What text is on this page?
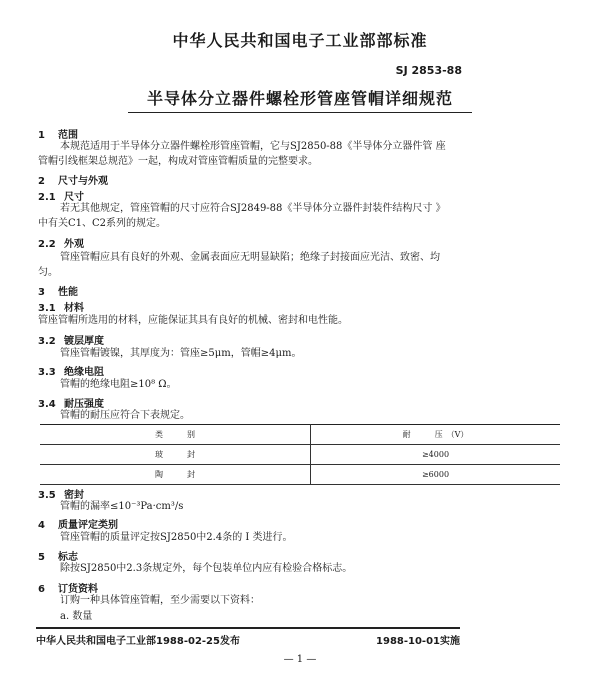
中华人民共和国电子工业部部标准
SJ 2853-88
半导体分立器件螺栓形管座管帽详细规范
1 范围
本规范适用于半导体分立器件螺栓形管座管帽，它与SJ2850-88《半导体分立器件管 座
管帽引线框架总规范》一起，构成对管座管帽质量的完整要求。
2 尺寸与外观
2.1 尺寸
若无其他规定，管座管帽的尺寸应符合SJ2849-88《半导体分立器件封装件结构尺寸 》
中有关C1、C2系列的规定。
2.2 外观
管座管帽应具有良好的外观、金属表面应无明显缺陷；绝缘子封接面应光洁、致密、均
匀。
3 性能
3.1 材料
管座管帽所选用的材料，应能保证其具有良好的机械、密封和电性能。
3.2 镀层厚度
管座管帽镀镍，其厚度为：管座≥5μm，管帽≥4μm。
3.3 绝缘电阻
管帽的绝缘电阻≥10⁸ Ω。
3.4 耐压强度
管帽的耐压应符合下表规定。
类　　　别	耐　　　压　（V）
玻　　　封	≥4000
陶　　　封	≥6000
3.5 密封
管帽的漏率≤10⁻³Pa·cm³/s
4 质量评定类别
管座管帽的质量评定按SJ2850中2.4条的 I 类进行。
5 标志
除按SJ2850中2.3条规定外，每个包装单位内应有检验合格标志。
6 订货资料
订购一种具体管座管帽，至少需要以下资料：
a. 数量
中华人民共和国电子工业部1988-02-25发布	1988-10-01实施
— 1 —
